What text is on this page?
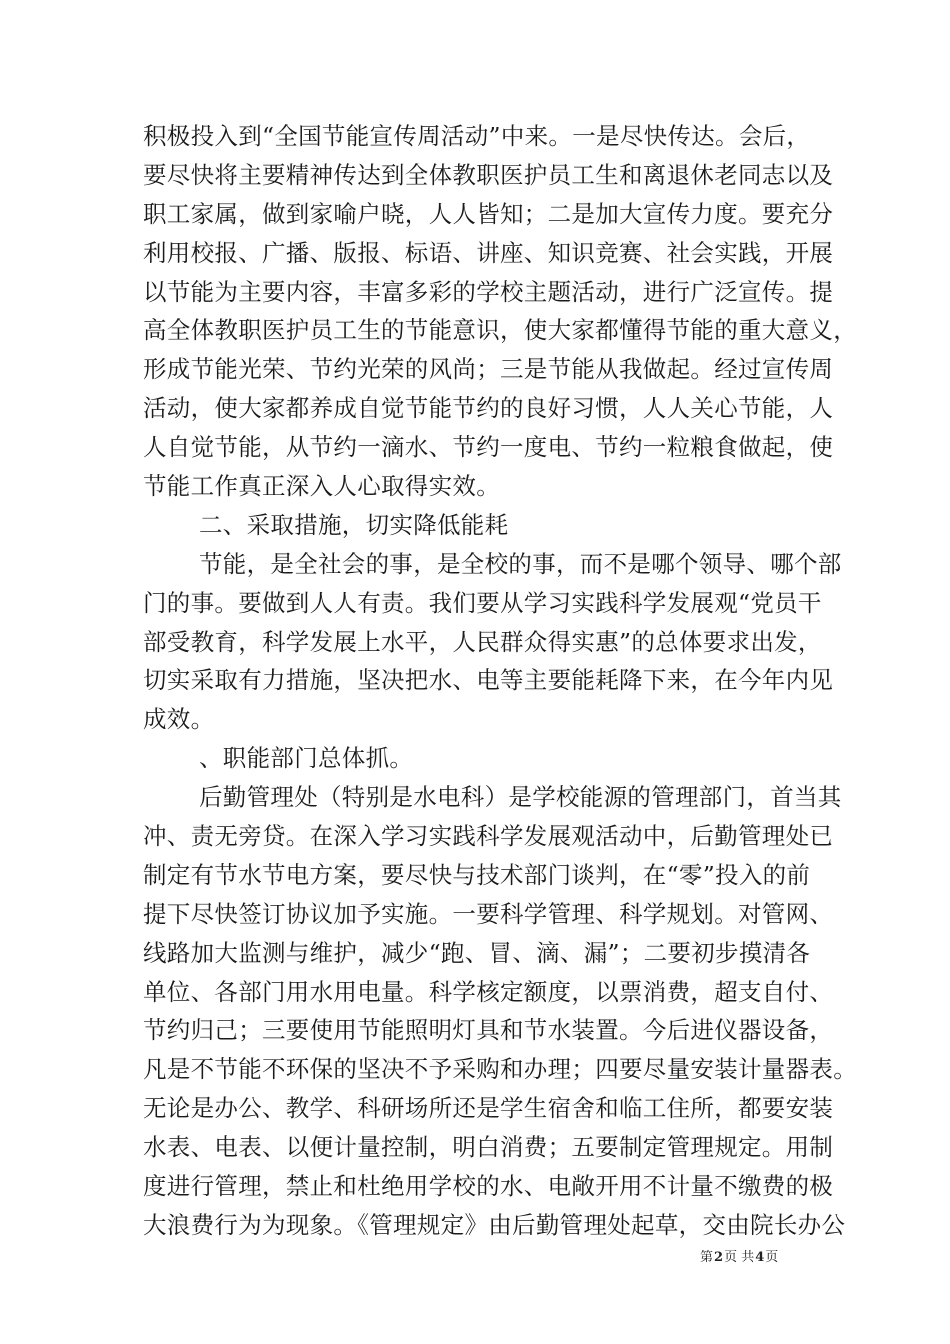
积极投入到“全国节能宣传周活动”中来。一是尽快传达。会后，
要尽快将主要精神传达到全体教职医护员工生和离退休老同志以及
职工家属，做到家喻户晓，人人皆知；二是加大宣传力度。要充分
利用校报、广播、版报、标语、讲座、知识竞赛、社会实践，开展
以节能为主要内容，丰富多彩的学校主题活动，进行广泛宣传。提
高全体教职医护员工生的节能意识，使大家都懂得节能的重大意义，
形成节能光荣、节约光荣的风尚；三是节能从我做起。经过宣传周
活动，使大家都养成自觉节能节约的良好习惯，人人关心节能，人
人自觉节能，从节约一滴水、节约一度电、节约一粒粮食做起，使
节能工作真正深入人心取得实效。
二、采取措施，切实降低能耗
节能，是全社会的事，是全校的事，而不是哪个领导、哪个部
门的事。要做到人人有责。我们要从学习实践科学发展观“党员干
部受教育，科学发展上水平，人民群众得实惠”的总体要求出发，
切实采取有力措施，坚决把水、电等主要能耗降下来，在今年内见
成效。
、职能部门总体抓。
后勤管理处（特别是水电科）是学校能源的管理部门，首当其
冲、责无旁贷。在深入学习实践科学发展观活动中，后勤管理处已
制定有节水节电方案，要尽快与技术部门谈判，在“零”投入的前
提下尽快签订协议加予实施。一要科学管理、科学规划。对管网、
线路加大监测与维护，减少“跑、冒、滴、漏”；二要初步摸清各
单位、各部门用水用电量。科学核定额度，以票消费，超支自付、
节约归己；三要使用节能照明灯具和节水装置。今后进仪器设备，
凡是不节能不环保的坚决不予采购和办理；四要尽量安装计量器表。
无论是办公、教学、科研场所还是学生宿舍和临工住所，都要安装
水表、电表、以便计量控制，明白消费；五要制定管理规定。用制
度进行管理，禁止和杜绝用学校的水、电敞开用不计量不缴费的极
大浪费行为为现象。《管理规定》由后勤管理处起草，交由院长办公
第2页 共4页
